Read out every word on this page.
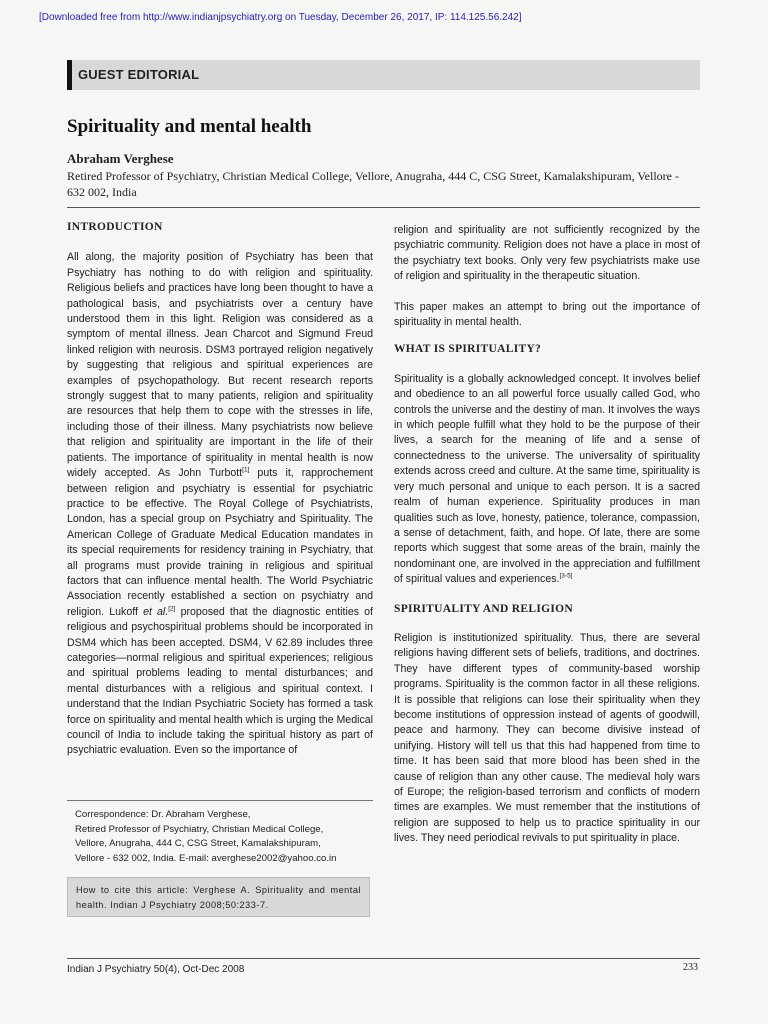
[Downloaded free from http://www.indianjpsychiatry.org on Tuesday, December 26, 2017, IP: 114.125.56.242]
GUEST EDITORIAL
Spirituality and mental health
Abraham Verghese
Retired Professor of Psychiatry, Christian Medical College, Vellore, Anugraha, 444 C, CSG Street, Kamalakshipuram, Vellore - 632 002, India
INTRODUCTION

All along, the majority position of Psychiatry has been that Psychiatry has nothing to do with religion and spirituality. Religious beliefs and practices have long been thought to have a pathological basis, and psychiatrists over a century have understood them in this light. Religion was considered as a symptom of mental illness. Jean Charcot and Sigmund Freud linked religion with neurosis. DSM3 portrayed religion negatively by suggesting that religious and spiritual experiences are examples of psychopathology. But recent research reports strongly suggest that to many patients, religion and spirituality are resources that help them to cope with the stresses in life, including those of their illness. Many psychiatrists now believe that religion and spirituality are important in the life of their patients. The importance of spirituality in mental health is now widely accepted. As John Turbott[1] puts it, rapprochement between religion and psychiatry is essential for psychiatric practice to be effective. The Royal College of Psychiatrists, London, has a special group on Psychiatry and Spirituality. The American College of Graduate Medical Education mandates in its special requirements for residency training in Psychiatry, that all programs must provide training in religious and spiritual factors that can influence mental health. The World Psychiatric Association recently established a section on psychiatry and religion. Lukoff et al.[2] proposed that the diagnostic entities of religious and psychospiritual problems should be incorporated in DSM4 which has been accepted. DSM4, V 62.89 includes three categories—normal religious and spiritual experiences; religious and spiritual problems leading to mental disturbances; and mental disturbances with a religious and spiritual context. I understand that the Indian Psychiatric Society has formed a task force on spirituality and mental health which is urging the Medical council of India to include taking the spiritual history as part of psychiatric evaluation. Even so the importance of

Correspondence: Dr. Abraham Verghese,
Retired Professor of Psychiatry, Christian Medical College,
Vellore, Anugraha, 444 C, CSG Street, Kamalakshipuram,
Vellore - 632 002, India. E-mail: averghese2002@yahoo.co.in
How to cite this article: Verghese A. Spirituality and mental health. Indian J Psychiatry 2008;50:233-7.

religion and spirituality are not sufficiently recognized by the psychiatric community. Religion does not have a place in most of the psychiatry text books. Only very few psychiatrists make use of religion and spirituality in the therapeutic situation.

This paper makes an attempt to bring out the importance of spirituality in mental health.

WHAT IS SPIRITUALITY?

Spirituality is a globally acknowledged concept. It involves belief and obedience to an all powerful force usually called God, who controls the universe and the destiny of man. It involves the ways in which people fulfill what they hold to be the purpose of their lives, a search for the meaning of life and a sense of connectedness to the universe. The universality of spirituality extends across creed and culture. At the same time, spirituality is very much personal and unique to each person. It is a sacred realm of human experience. Spirituality produces in man qualities such as love, honesty, patience, tolerance, compassion, a sense of detachment, faith, and hope. Of late, there are some reports which suggest that some areas of the brain, mainly the nondominant one, are involved in the appreciation and fulfillment of spiritual values and experiences.[3-5]

SPIRITUALITY AND RELIGION

Religion is institutionized spirituality. Thus, there are several religions having different sets of beliefs, traditions, and doctrines. They have different types of community-based worship programs. Spirituality is the common factor in all these religions. It is possible that religions can lose their spirituality when they become institutions of oppression instead of agents of goodwill, peace and harmony. They can become divisive instead of unifying. History will tell us that this had happened from time to time. It has been said that more blood has been shed in the cause of religion than any other cause. The medieval holy wars of Europe; the religion-based terrorism and conflicts of modern times are examples. We must remember that the institutions of religion are supposed to help us to practice spirituality in our lives. They need periodical revivals to put spirituality in place.

Indian J Psychiatry 50(4), Oct-Dec 2008	233
